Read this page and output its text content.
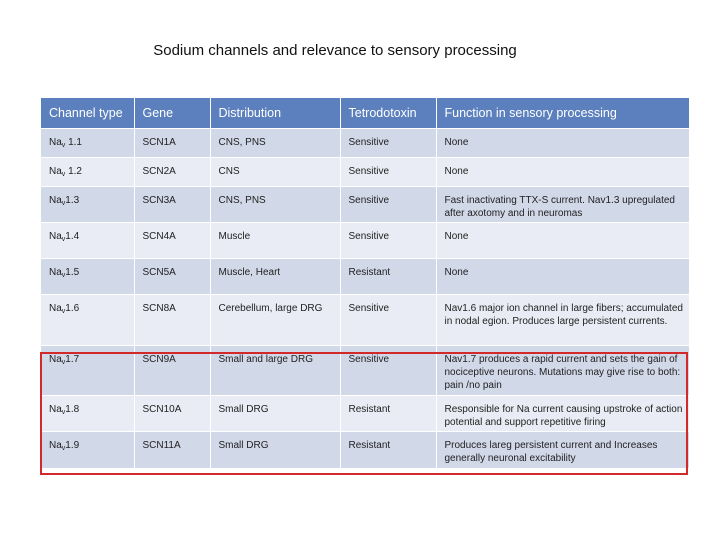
Sodium channels and relevance to sensory processing
Channel type	Gene	Distribution	Tetrodotoxin	Function in sensory processing
$Na_v$ 1.1	SCN1A	CNS, PNS	Sensitive	None
$Na_v$ 1.2	SCN2A	CNS	Sensitive	None
$Na_v1.3$	SCN3A	CNS, PNS	Sensitive	Fast inactivating TTX-S current. Nav1.3 upregulated after axotomy and in neuromas
$Na_v1.4$	SCN4A	Muscle	Sensitive	None
$Na_v1.5$	SCN5A	Muscle, Heart	Resistant	None
$Na_v1.6$	SCN8A	Cerebellum, large DRG	Sensitive	Nav1.6 major ion channel in large fibers; accumulated in nodal egion. Produces large persistent currents.
$Na_v1.7$	SCN9A	Small and large DRG	Sensitive	Nav1.7 produces a rapid current and sets the gain of nociceptive neurons. Mutations may give rise to both: pain /no pain
$Na_v1.8$	SCN10A	Small DRG	Resistant	Responsible for Na current causing upstroke of action potential and support repetitive firing
$Na_v1.9$	SCN11A	Small DRG	Resistant	Produces lareg persistent current and Increases generally neuronal excitability
